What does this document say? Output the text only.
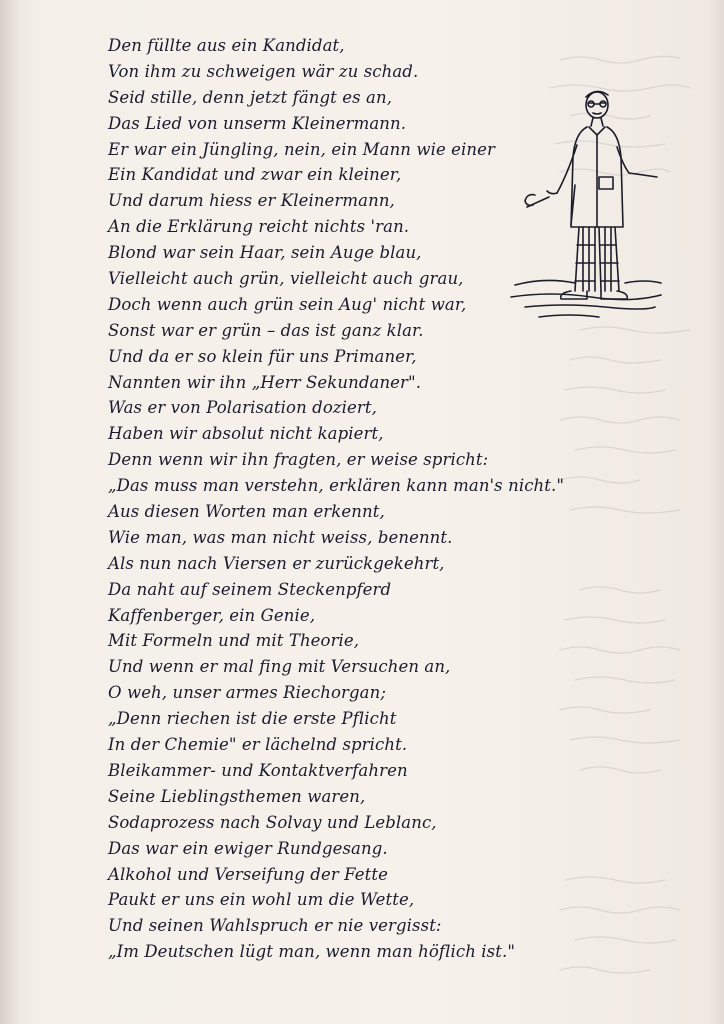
Den füllte aus ein Kandidat,
Von ihm zu schweigen wär zu schad.
Seid stille, denn jetzt fängt es an,
Das Lied von unserm Kleinermann.
Er war ein Jüngling, nein, ein Mann wie einer
Ein Kandidat und zwar ein kleiner,
Und darum hiess er Kleinermann,
An die Erklärung reicht nichts 'ran.
Blond war sein Haar, sein Auge blau,
Vielleicht auch grün, vielleicht auch grau,
Doch wenn auch grün sein Aug' nicht war,
Sonst war er grün – das ist ganz klar.
Und da er so klein für uns Primaner,
Nannten wir ihn „Herr Sekundaner".
Was er von Polarisation doziert,
Haben wir absolut nicht kapiert,
Denn wenn wir ihn fragten, er weise spricht:
„Das muss man verstehn, erklären kann man's nicht."
Aus diesen Worten man erkennt,
Wie man, was man nicht weiss, benennt.
Als nun nach Viersen er zurückgekehrt,
Da naht auf seinem Steckenpferd
Kaffenberger, ein Genie,
Mit Formeln und mit Theorie,
Und wenn er mal fing mit Versuchen an,
O weh, unser armes Riechorgan;
„Denn riechen ist die erste Pflicht
In der Chemie" er lächelnd spricht.
Bleikammer- und Kontaktverfahren
Seine Lieblingsthemen waren,
Sodaprozess nach Solvay und Leblanc,
Das war ein ewiger Rundgesang.
Alkohol und Verseifung der Fette
Paukt er uns ein wohl um die Wette,
Und seinen Wahlspruch er nie vergisst:
„Im Deutschen lügt man, wenn man höflich ist."
